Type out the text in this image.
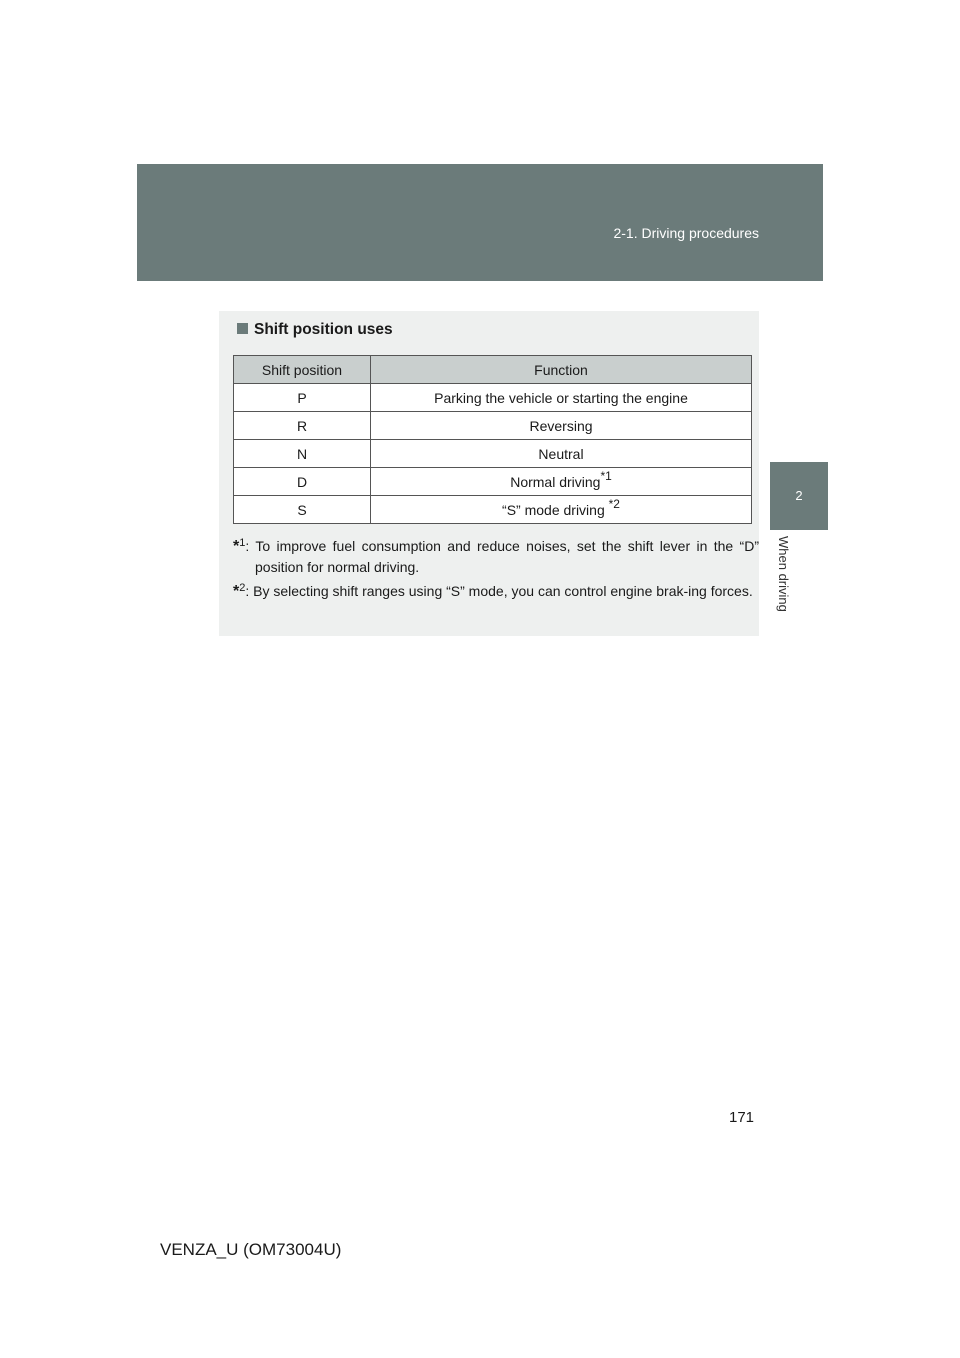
2-1. Driving procedures
2
When driving
Shift position uses
Shift position	Function
P	Parking the vehicle or starting the engine
R	Reversing
N	Neutral
D	Normal driving$^{*1}$
S	“S” mode driving $^{*2}$
*$^1$: To improve fuel consumption and reduce noises, set the shift lever in the “D” position for normal driving.
*$^2$: By selecting shift ranges using “S” mode, you can control engine brak-ing forces.
171
VENZA_U (OM73004U)
